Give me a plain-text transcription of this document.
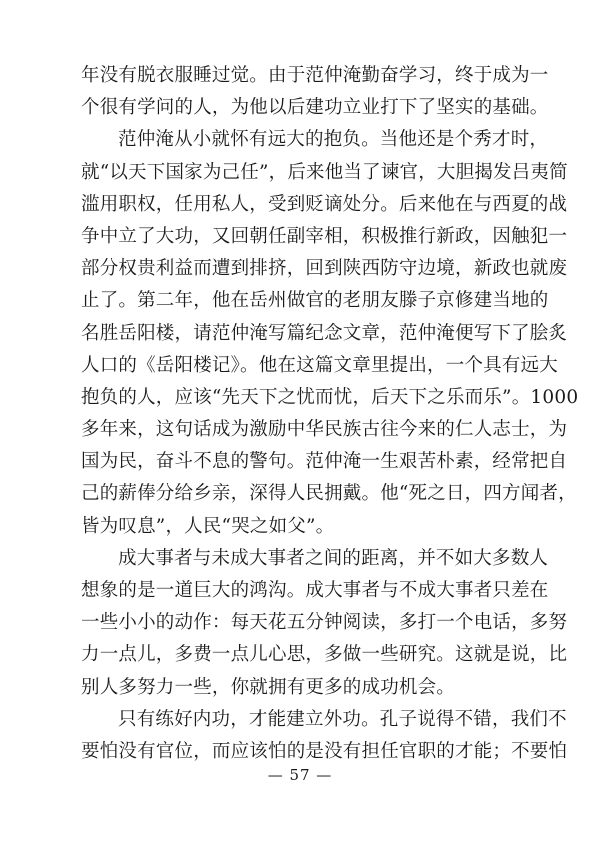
年没有脱衣服睡过觉。由于范仲淹勤奋学习，终于成为一
个很有学问的人，为他以后建功立业打下了坚实的基础。
范仲淹从小就怀有远大的抱负。当他还是个秀才时，
就“以天下国家为己任”，后来他当了谏官，大胆揭发吕夷简
滥用职权，任用私人，受到贬谪处分。后来他在与西夏的战
争中立了大功，又回朝任副宰相，积极推行新政，因触犯一
部分权贵利益而遭到排挤，回到陕西防守边境，新政也就废
止了。第二年，他在岳州做官的老朋友滕子京修建当地的
名胜岳阳楼，请范仲淹写篇纪念文章，范仲淹便写下了脍炙
人口的《岳阳楼记》。他在这篇文章里提出，一个具有远大
抱负的人，应该“先天下之忧而忧，后天下之乐而乐”。1000
多年来，这句话成为激励中华民族古往今来的仁人志士，为
国为民，奋斗不息的警句。范仲淹一生艰苦朴素，经常把自
己的薪俸分给乡亲，深得人民拥戴。他“死之日，四方闻者，
皆为叹息”，人民“哭之如父”。
成大事者与未成大事者之间的距离，并不如大多数人
想象的是一道巨大的鸿沟。成大事者与不成大事者只差在
一些小小的动作：每天花五分钟阅读，多打一个电话，多努
力一点儿，多费一点儿心思，多做一些研究。这就是说，比
别人多努力一些，你就拥有更多的成功机会。
只有练好内功，才能建立外功。孔子说得不错，我们不
要怕没有官位，而应该怕的是没有担任官职的才能；不要怕
— 57 —
